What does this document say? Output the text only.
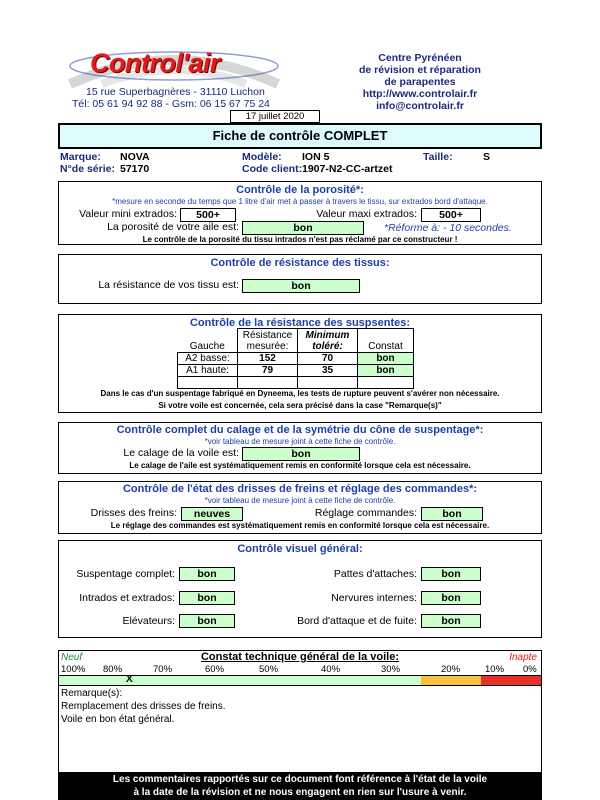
Control'air
15 rue Superbagnères - 31110 Luchon
Tél: 05 61 94 92 88 - Gsm: 06 15 67 75 24
Centre Pyrénéen
de révision et réparation
de parapentes
http://www.controlair.fr
info@controlair.fr
17 juillet 2020
Fiche de contrôle COMPLET
Marque: NOVA	Modèle: ION 5	Taille:	S
N°de série: 57170	Code client: 1907-N2-CC-artzet
Contrôle de la porosité*:
*mesure en seconde du temps que 1 litre d'air met à passer à travers le tissu, sur extrados bord d'attaque.
Valeur mini extrados:	500+	Valeur maxi extrados:	500+
La porosité de votre aile est:	bon	*Réforme à: - 10 secondes.
Le contrôle de la porosité du tissu intrados n'est pas réclamé par ce constructeur !
Contrôle de résistance des tissus:
La résistance de vos tissu est:	bon
Contrôle de la résistance des suspsentes:
Gauche	Résistance mesurée:	Minimum toléré:	Constat
A2 basse:	152	70	bon
A1 haute:	79	35	bon

Dans le cas d'un suspentage fabriqué en Dyneema, les tests de rupture peuvent s'avérer non nécessaire.
Si votre voile est concernée, cela sera précisé dans la case "Remarque(s)"
Contrôle complet du calage et de la symétrie du cône de suspentage*:
*voir tableau de mesure joint à cette fiche de contrôle.
Le calage de la voile est:	bon
Le calage de l'aile est systématiquement remis en conformité lorsque cela est nécessaire.
Contrôle de l'état des drisses de freins et réglage des commandes*:
*voir tableau de mesure joint à cette fiche de contrôle.
Drisses des freins:	neuves	Réglage commandes:	bon
Le réglage des commandes est systématiquement remis en conformité lorsque cela est nécessaire.
Contrôle visuel général:
Suspentage complet:	bon	Pattes d'attaches:	bon
Intrados et extrados:	bon	Nervures internes:	bon
Elévateurs:	bon	Bord d'attaque et de fuite:	bon
Neuf	Constat technique général de la voile:	Inapte
100% 80%	70%	60%	50%	40%	30%	20%	10% 0%
X
Remarque(s):
Remplacement des drisses de freins.
Voile en bon état général.
Les commentaires rapportés sur ce document font référence à l'état de la voile
à la date de la révision et ne nous engagent en rien sur l'usure à venir.
